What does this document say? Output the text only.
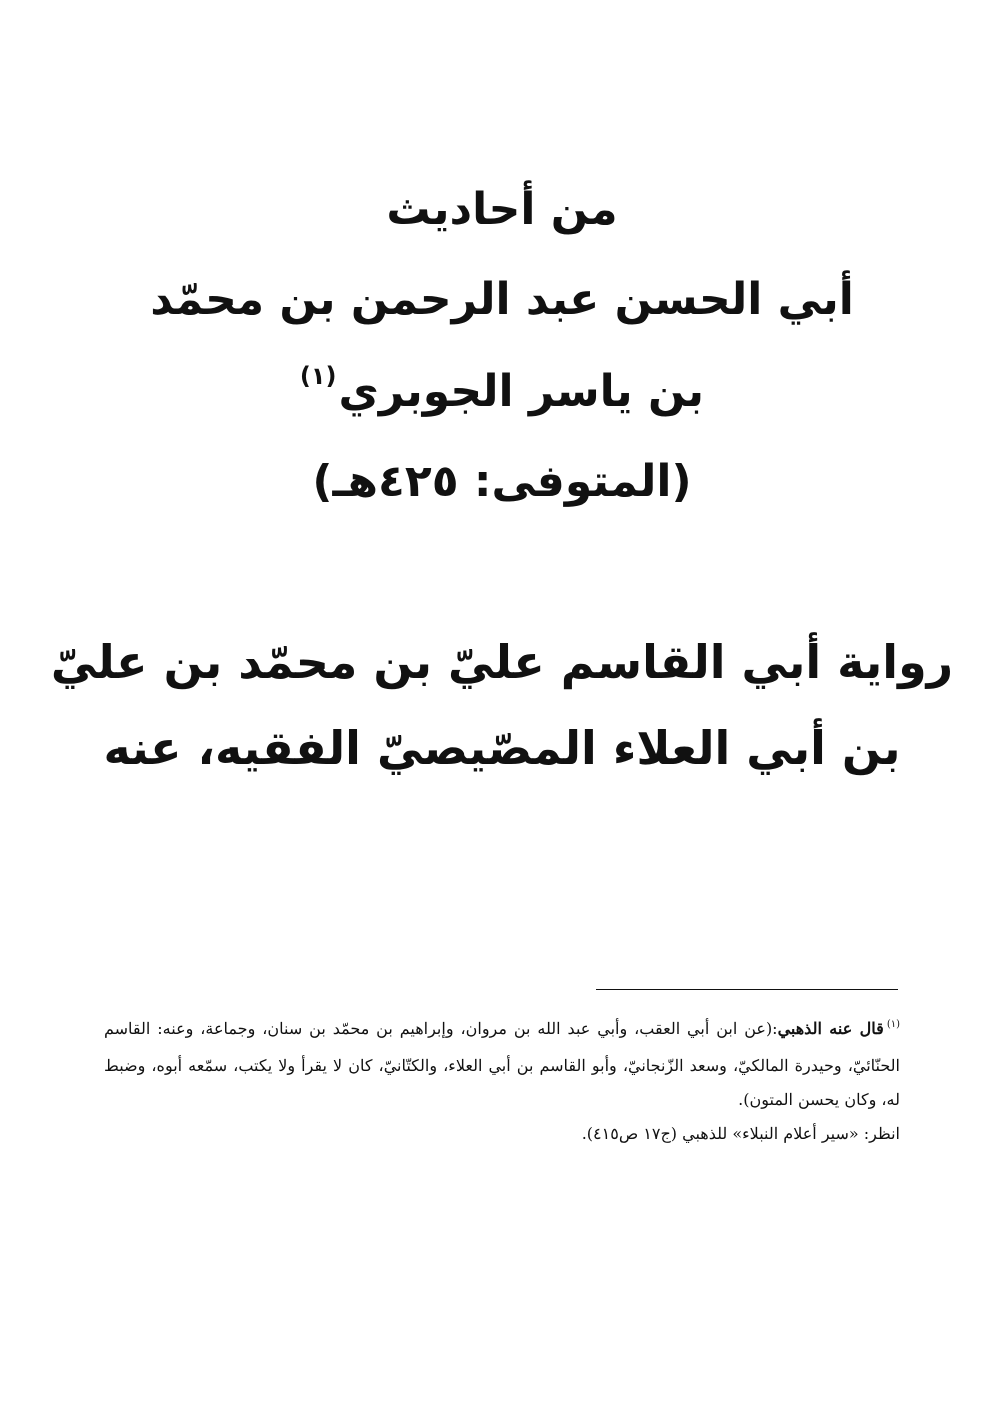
من أحاديث
أبي الحسن عبد الرحمن بن محمّد
بن ياسر الجوبري$^{(١)}$
(المتوفى: ٤٢٥هـ)
رواية أبي القاسم عليّ بن محمّد بن عليّ
بن أبي العلاء المصّيصيّ الفقيه، عنه

$^{(١)}$قال عنه الذهبي:(عن ابن أبي العقب، وأبي عبد الله بن مروان، وإبراهيم بن محمّد بن سنان، وجماعة، وعنه: القاسم الحنّائيّ، وحيدرة المالكيّ، وسعد الزّنجانيّ، وأبو القاسم بن أبي العلاء، والكتّانيّ، كان لا يقرأ ولا يكتب، سمّعه أبوه، وضبط له، وكان يحسن المتون).

انظر: «سير أعلام النبلاء» للذهبي (ج١٧ ص٤١٥).
